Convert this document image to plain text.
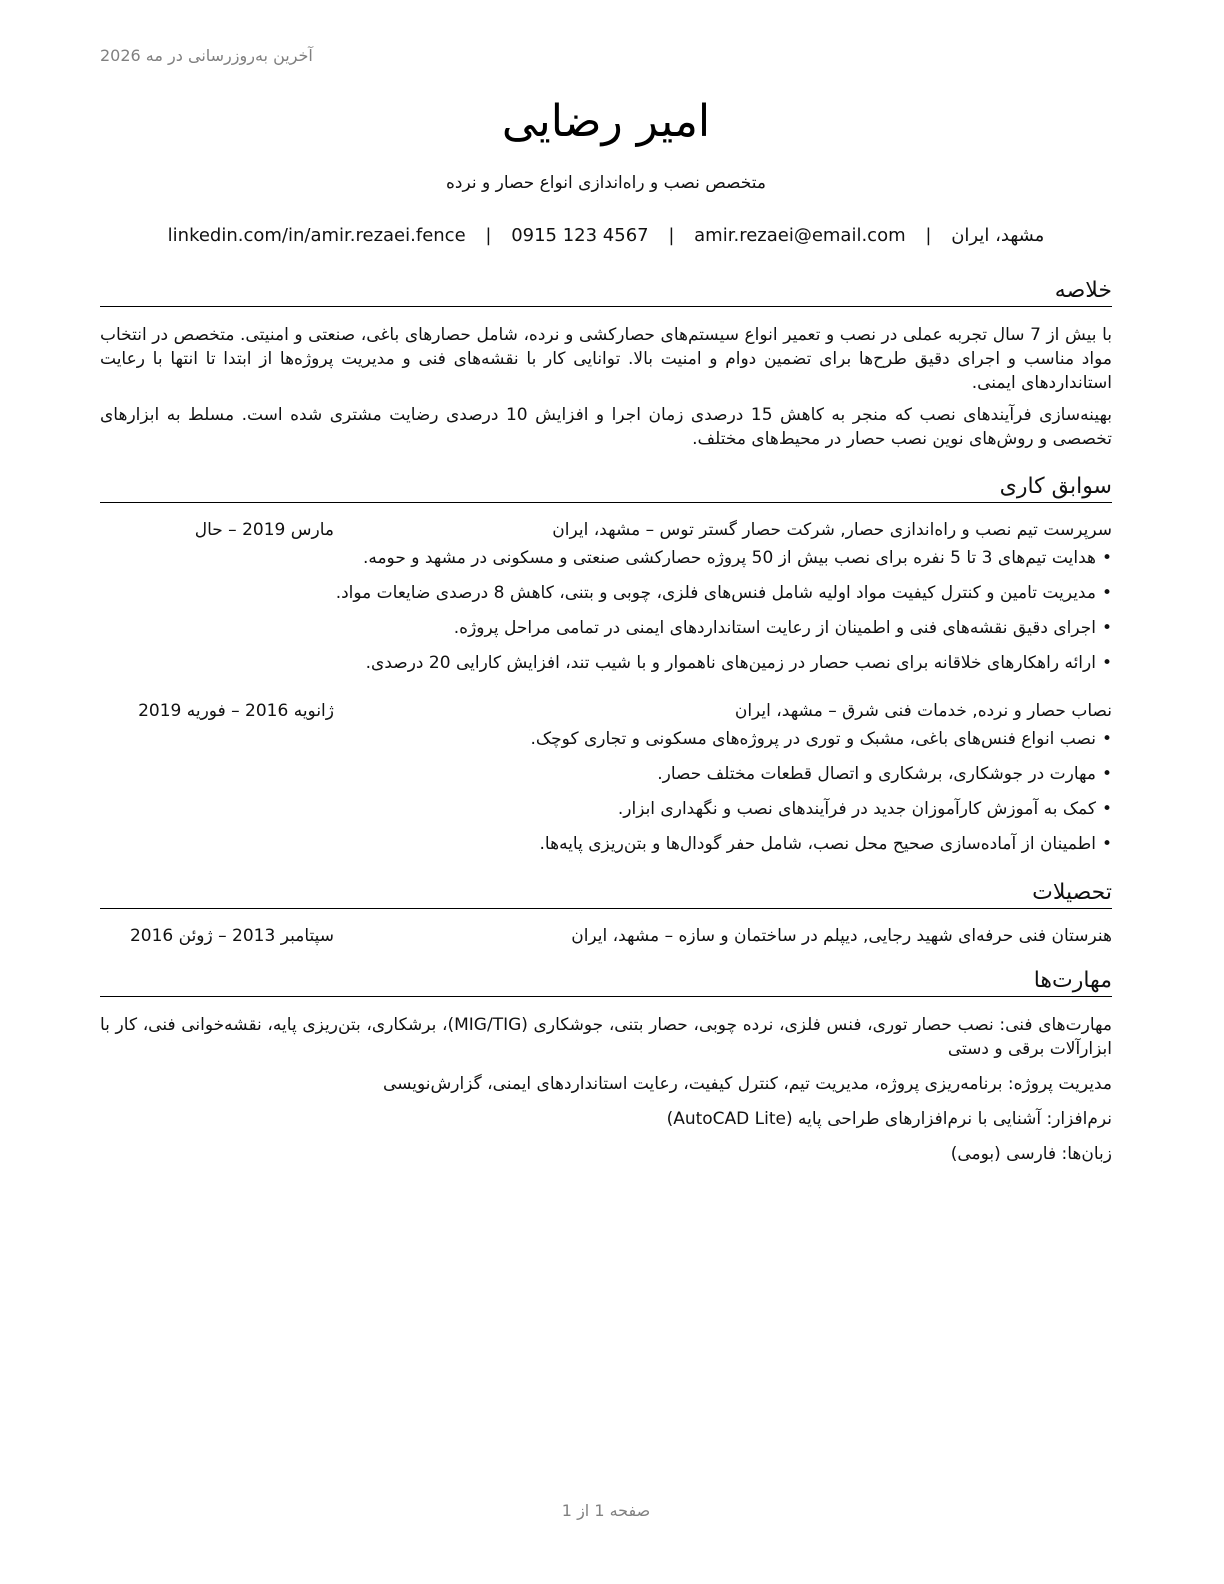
آخرین به‌روزرسانی در مه 2026
امیر رضایی
متخصص نصب و راه‌اندازی انواع حصار و نرده
مشهد، ایران | amir.rezaei@email.com | 0915 123 4567 | linkedin.com/in/amir.rezaei.fence
خلاصه

با بیش از 7 سال تجربه عملی در نصب و تعمیر انواع سیستم‌های حصارکشی و نرده، شامل حصارهای باغی، صنعتی و امنیتی. متخصص در انتخاب مواد مناسب و اجرای دقیق طرح‌ها برای تضمین دوام و امنیت بالا. توانایی کار با نقشه‌های فنی و مدیریت پروژه‌ها از ابتدا تا انتها با رعایت استانداردهای ایمنی.

بهینه‌سازی فرآیندهای نصب که منجر به کاهش 15 درصدی زمان اجرا و افزایش 10 درصدی رضایت مشتری شده است. مسلط به ابزارهای تخصصی و روش‌های نوین نصب حصار در محیط‌های مختلف.

سوابق کاری
سرپرست تیم نصب و راه‌اندازی حصار, شرکت حصار گستر توس – مشهد، ایران
مارس 2019 – حال
•هدایت تیم‌های 3 تا 5 نفره برای نصب بیش از 50 پروژه حصارکشی صنعتی و مسکونی در مشهد و حومه.
•مدیریت تامین و کنترل کیفیت مواد اولیه شامل فنس‌های فلزی، چوبی و بتنی، کاهش 8 درصدی ضایعات مواد.
•اجرای دقیق نقشه‌های فنی و اطمینان از رعایت استانداردهای ایمنی در تمامی مراحل پروژه.
•ارائه راهکارهای خلاقانه برای نصب حصار در زمین‌های ناهموار و با شیب تند، افزایش کارایی 20 درصدی.
نصاب حصار و نرده, خدمات فنی شرق – مشهد، ایران
ژانویه 2016 – فوریه 2019
•نصب انواع فنس‌های باغی، مشبک و توری در پروژه‌های مسکونی و تجاری کوچک.
•مهارت در جوشکاری، برشکاری و اتصال قطعات مختلف حصار.
•کمک به آموزش کارآموزان جدید در فرآیندهای نصب و نگهداری ابزار.
•اطمینان از آماده‌سازی صحیح محل نصب، شامل حفر گودال‌ها و بتن‌ریزی پایه‌ها.
تحصیلات
هنرستان فنی حرفه‌ای شهید رجایی, دیپلم در ساختمان و سازه – مشهد، ایران
سپتامبر 2013 – ژوئن 2016
مهارت‌ها

مهارت‌های فنی: نصب حصار توری، فنس فلزی، نرده چوبی، حصار بتنی، جوشکاری (MIG/TIG)، برشکاری، بتن‌ریزی پایه، نقشه‌خوانی فنی، کار با ابزارآلات برقی و دستی

مدیریت پروژه: برنامه‌ریزی پروژه، مدیریت تیم، کنترل کیفیت، رعایت استانداردهای ایمنی، گزارش‌نویسی

نرم‌افزار: آشنایی با نرم‌افزارهای طراحی پایه (AutoCAD Lite)

زبان‌ها: فارسی (بومی)

صفحه 1 از 1
